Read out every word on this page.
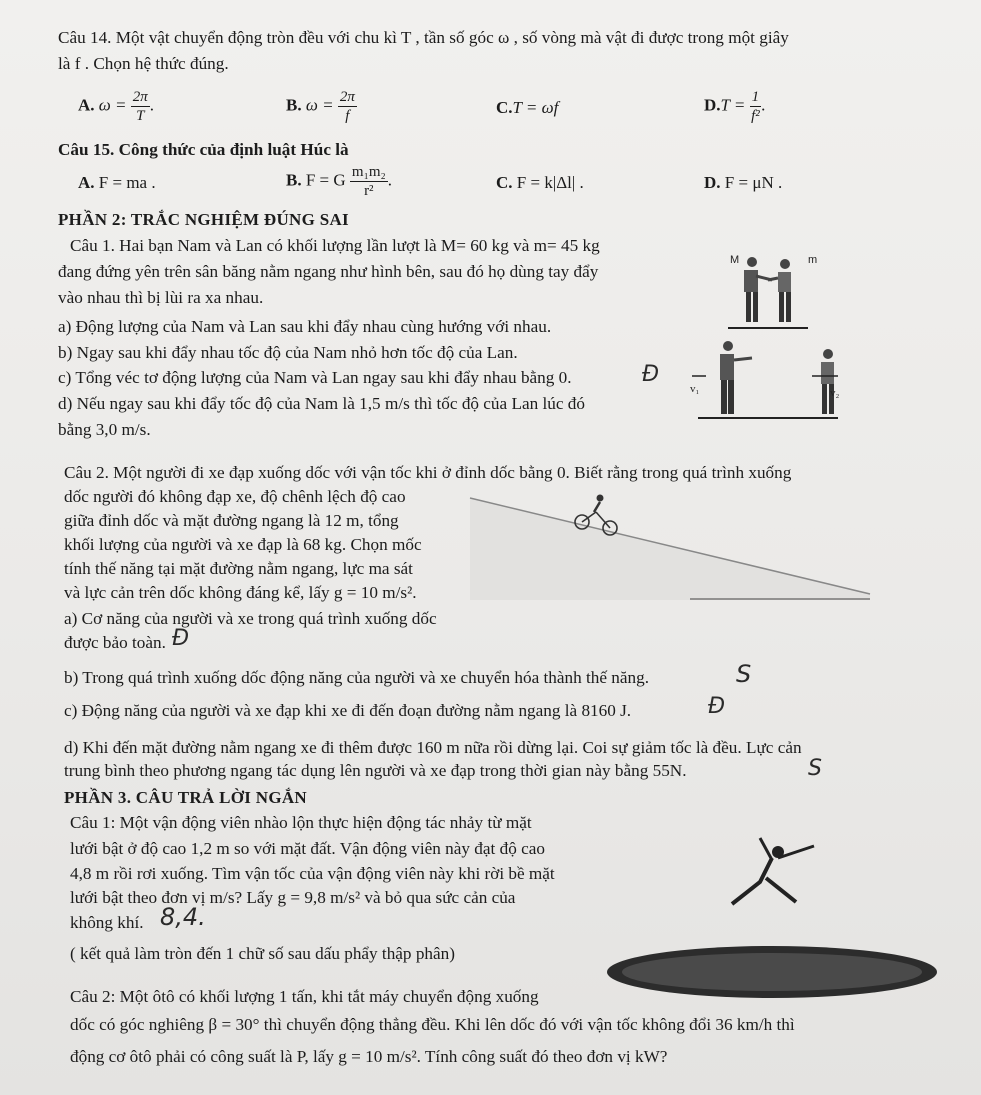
Câu 14. Một vật chuyển động tròn đều với chu kì T , tần số góc ω , số vòng mà vật đi được trong một giây
là f . Chọn hệ thức đúng.
A. $\omega = \frac{2\pi}{T}$ .	B. $\omega = \frac{2\pi}{f}$	C.T = ωf	$D.T = \frac{1}{\text{f²}}$ .
Câu 15. Công thức của định luật Húc là
A. F = ma .	B. F = G $\frac{\text{m₁m₂}}{\text{r²}}$ .	C. F = k|Δl| .	D. F = μN .
PHẦN 2: TRẮC NGHIỆM ĐÚNG SAI
Câu 1. Hai bạn Nam và Lan có khối lượng lần lượt là M= 60 kg và m= 45 kg
đang đứng yên trên sân băng nằm ngang như hình bên, sau đó họ dùng tay đẩy
vào nhau thì bị lùi ra xa nhau.
a) Động lượng của Nam và Lan sau khi đẩy nhau cùng hướng với nhau.
b) Ngay sau khi đẩy nhau tốc độ của Nam nhỏ hơn tốc độ của Lan.
c) Tổng véc tơ động lượng của Nam và Lan ngay sau khi đẩy nhau bằng 0.
d) Nếu ngay sau khi đẩy tốc độ của Nam là 1,5 m/s thì tốc độ của Lan lúc đó
bằng 3,0 m/s.
Đ
M	m
v₁	v₂
Câu 2. Một người đi xe đạp xuống dốc với vận tốc khi ở đỉnh dốc bằng 0. Biết rằng trong quá trình xuống
dốc người đó không đạp xe, độ chênh lệch độ cao
giữa đỉnh dốc và mặt đường ngang là 12 m, tổng
khối lượng của người và xe đạp là 68 kg. Chọn mốc
tính thế năng tại mặt đường nằm ngang, lực ma sát
và lực cản trên dốc không đáng kể, lấy g = 10 m/s².
a) Cơ năng của người và xe trong quá trình xuống dốc
được bảo toàn. Đ
b) Trong quá trình xuống dốc động năng của người và xe chuyển hóa thành thế năng.	S
c) Động năng của người và xe đạp khi xe đi đến đoạn đường nằm ngang là 8160 J.	Đ
d) Khi đến mặt đường nằm ngang xe đi thêm được 160 m nữa rồi dừng lại. Coi sự giảm tốc là đều. Lực cản
trung bình theo phương ngang tác dụng lên người và xe đạp trong thời gian này bằng 55N.	S
PHẦN 3. CÂU TRẢ LỜI NGẮN
Câu 1: Một vận động viên nhào lộn thực hiện động tác nhảy từ mặt
lưới bật ở độ cao 1,2 m so với mặt đất. Vận động viên này đạt độ cao
4,8 m rồi rơi xuống. Tìm vận tốc của vận động viên này khi rời bề mặt
lưới bật theo đơn vị m/s? Lấy g = 9,8 m/s² và bỏ qua sức cản của
không khí. 8,4.
( kết quả làm tròn đến 1 chữ số sau dấu phẩy thập phân)
Câu 2: Một ôtô có khối lượng 1 tấn, khi tắt máy chuyển động xuống
dốc có góc nghiêng β = 30° thì chuyển động thẳng đều. Khi lên dốc đó với vận tốc không đổi 36 km/h thì
động cơ ôtô phải có công suất là P, lấy g = 10 m/s². Tính công suất đó theo đơn vị kW?
